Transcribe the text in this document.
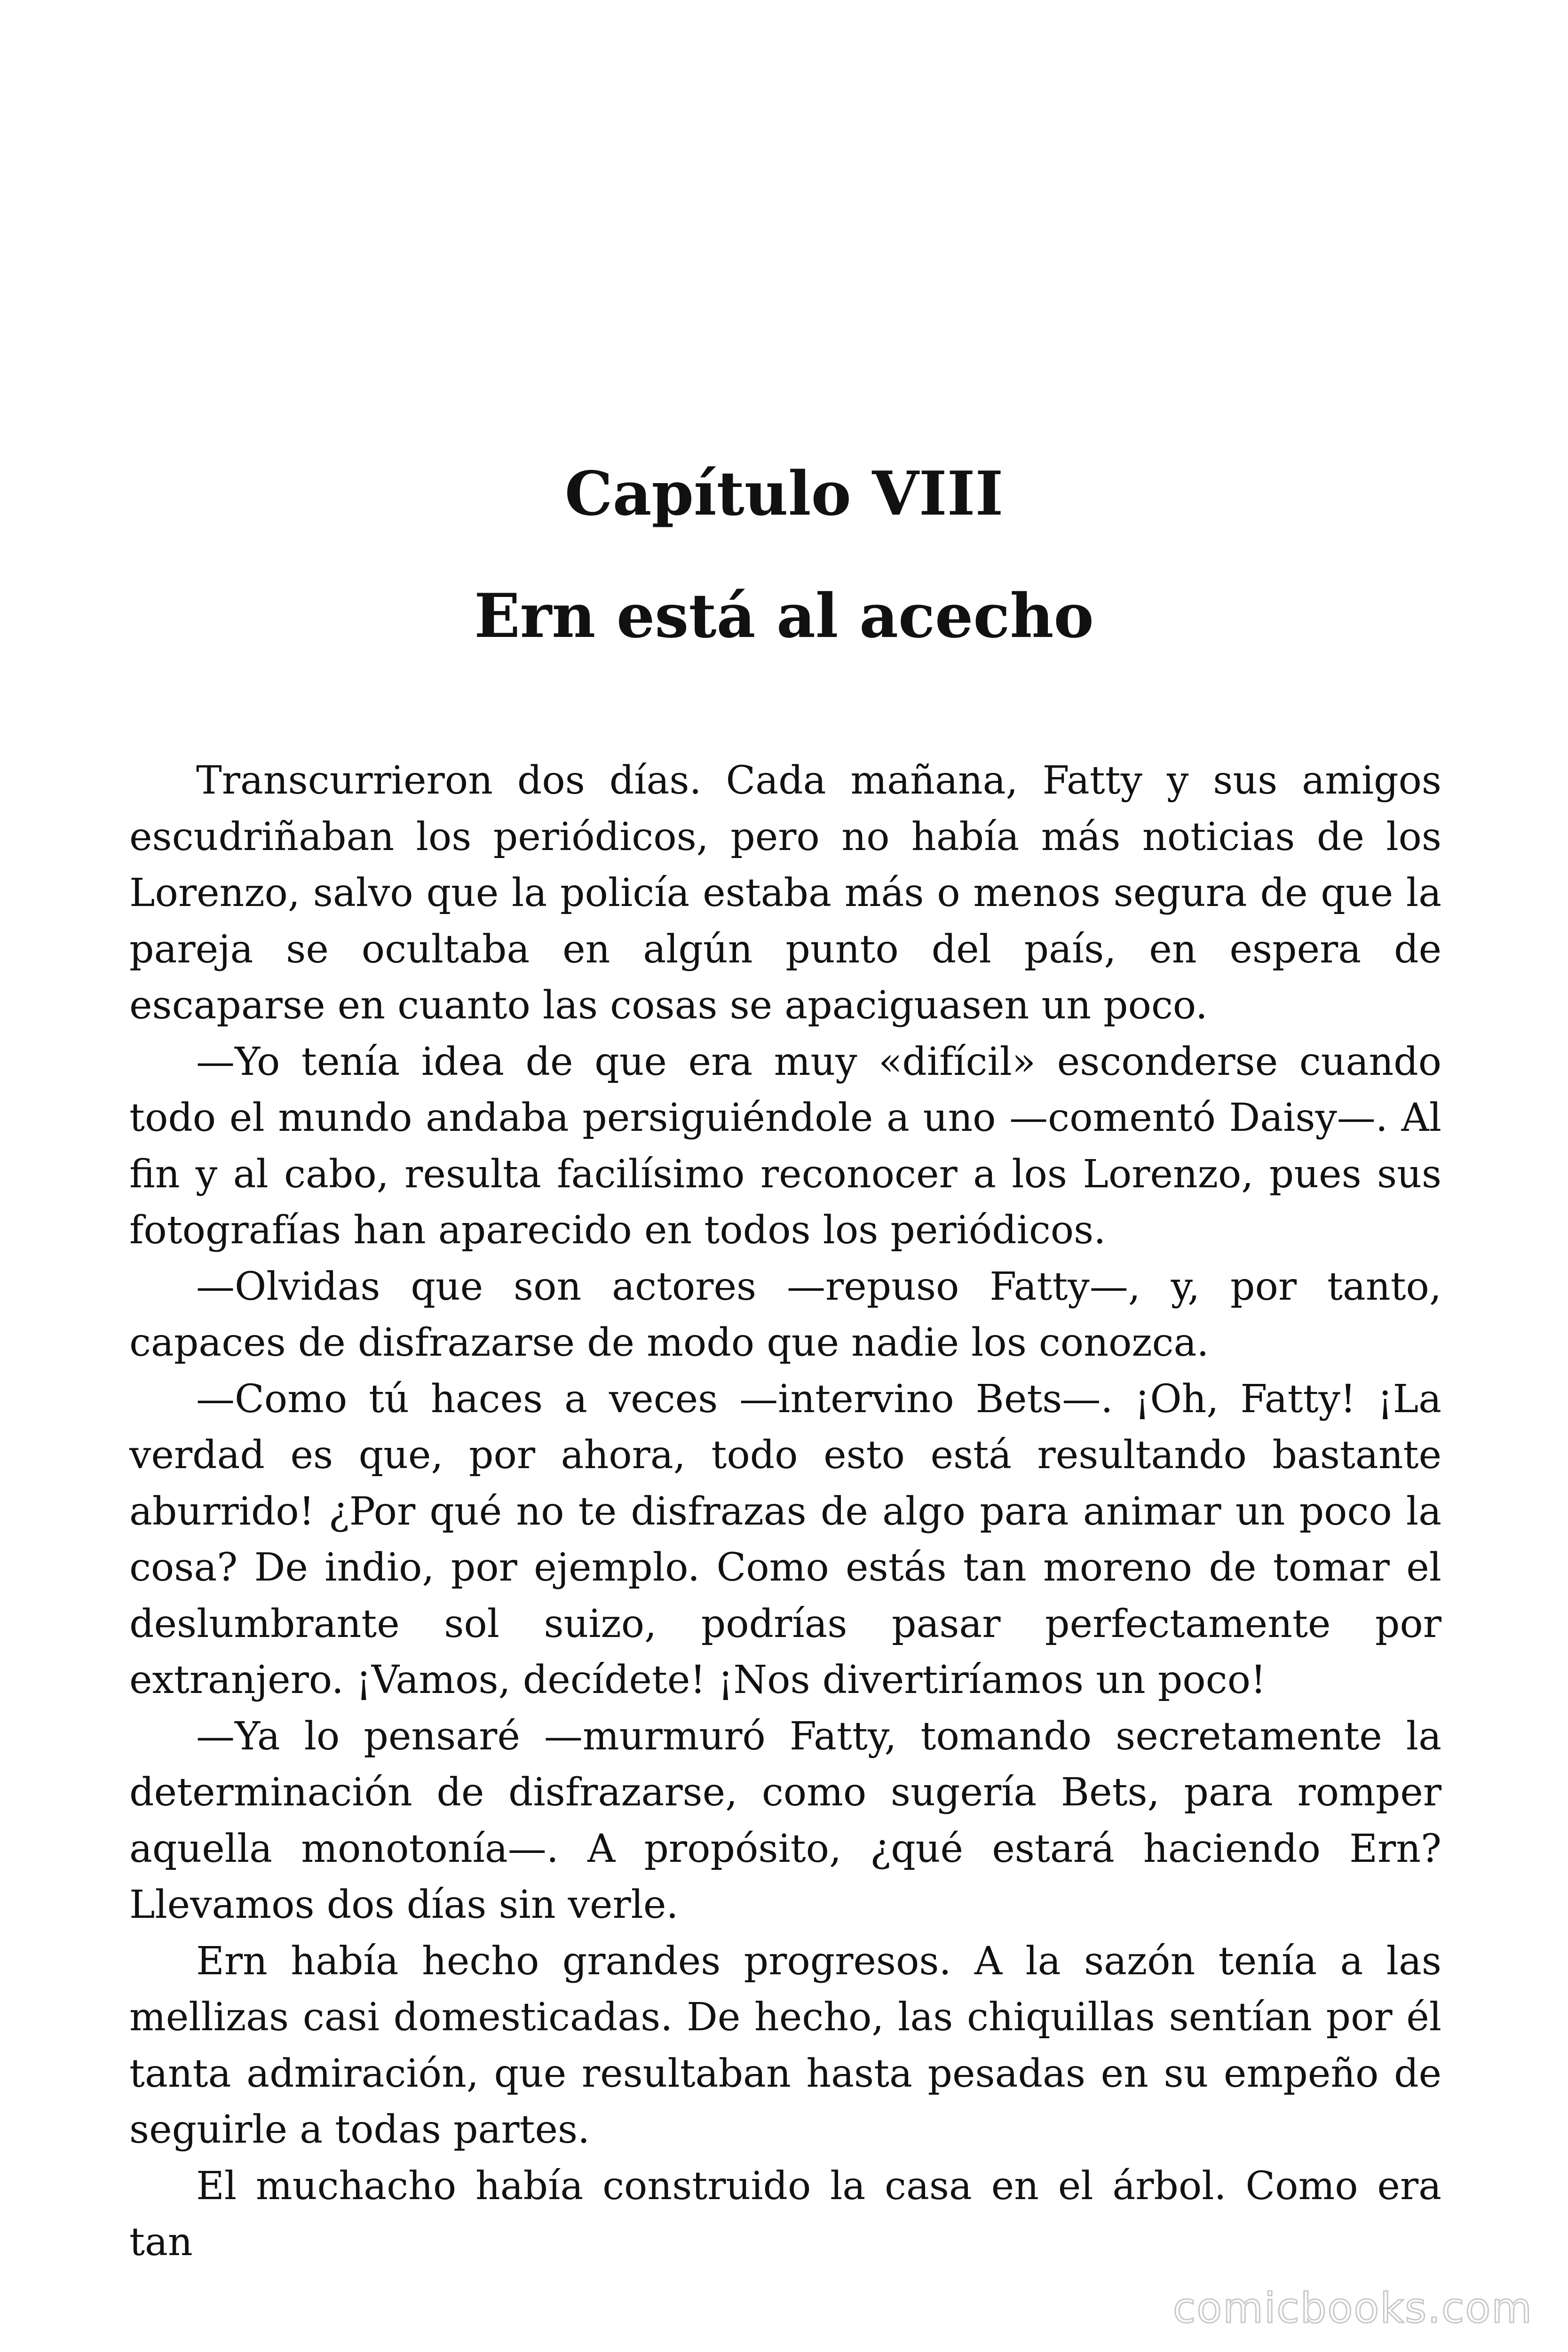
Capítulo VIII
Ern está al acecho

Transcurrieron dos días. Cada mañana, Fatty y sus amigos escudriñaban los periódicos, pero no había más noticias de los Lorenzo, salvo que la policía estaba más o menos segura de que la pareja se ocultaba en algún punto del país, en espera de escaparse en cuanto las cosas se apaciguasen un poco.

—Yo tenía idea de que era muy «difícil» esconderse cuando todo el mundo andaba persiguiéndole a uno —comentó Daisy—. Al fin y al cabo, resulta facilísimo reconocer a los Lorenzo, pues sus fotografías han aparecido en todos los periódicos.

—Olvidas que son actores —repuso Fatty—, y, por tanto, capaces de disfrazarse de modo que nadie los conozca.

—Como tú haces a veces —intervino Bets—. ¡Oh, Fatty! ¡La verdad es que, por ahora, todo esto está resultando bastante aburrido! ¿Por qué no te disfrazas de algo para animar un poco la cosa? De indio, por ejemplo. Como estás tan moreno de tomar el deslumbrante sol suizo, podrías pasar perfectamente por extranjero. ¡Vamos, decídete! ¡Nos divertiríamos un poco!

—Ya lo pensaré —murmuró Fatty, tomando secretamente la determinación de disfrazarse, como sugería Bets, para romper aquella monotonía—. A propósito, ¿qué estará haciendo Ern? Llevamos dos días sin verle.

Ern había hecho grandes progresos. A la sazón tenía a las mellizas casi domesticadas. De hecho, las chiquillas sentían por él tanta admiración, que resultaban hasta pesadas en su empeño de seguirle a todas partes.

El muchacho había construido la casa en el árbol. Como era tan

comicbooks.com
